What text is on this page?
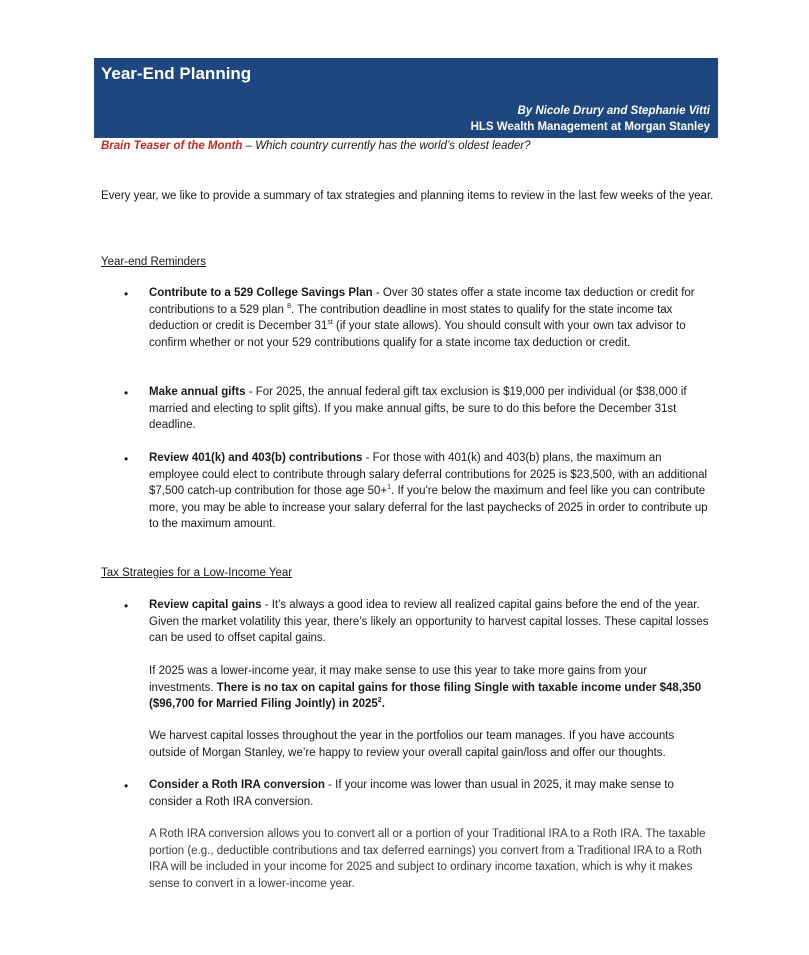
Year-End Planning
By Nicole Drury and Stephanie Vitti
HLS Wealth Management at Morgan Stanley
Brain Teaser of the Month – Which country currently has the world’s oldest leader?

Every year, we like to provide a summary of tax strategies and planning items to review in the last few weeks of the year.

Year-end Reminders
• Contribute to a 529 College Savings Plan - Over 30 states offer a state income tax deduction or credit for contributions to a 529 plan $^8$. The contribution deadline in most states to qualify for the state income tax deduction or credit is December 31st (if your state allows). You should consult with your own tax advisor to confirm whether or not your 529 contributions qualify for a state income tax deduction or credit.

• Make annual gifts - For 2025, the annual federal gift tax exclusion is $19,000 per individual (or $38,000 if married and electing to split gifts). If you make annual gifts, be sure to do this before the December 31st deadline.

• Review 401(k) and 403(b) contributions - For those with 401(k) and 403(b) plans, the maximum an employee could elect to contribute through salary deferral contributions for 2025 is $23,500, with an additional $7,500 catch-up contribution for those age 50+$^1$. If you're below the maximum and feel like you can contribute more, you may be able to increase your salary deferral for the last paychecks of 2025 in order to contribute up to the maximum amount.

Tax Strategies for a Low-Income Year
• Review capital gains - It's always a good idea to review all realized capital gains before the end of the year. Given the market volatility this year, there’s likely an opportunity to harvest capital losses. These capital losses can be used to offset capital gains.

If 2025 was a lower-income year, it may make sense to use this year to take more gains from your investments. There is no tax on capital gains for those filing Single with taxable income under $48,350 ($96,700 for Married Filing Jointly) in 2025$^2$.

We harvest capital losses throughout the year in the portfolios our team manages. If you have accounts outside of Morgan Stanley, we’re happy to review your overall capital gain/loss and offer our thoughts.

• Consider a Roth IRA conversion - If your income was lower than usual in 2025, it may make sense to consider a Roth IRA conversion.

A Roth IRA conversion allows you to convert all or a portion of your Traditional IRA to a Roth IRA. The taxable portion (e.g., deductible contributions and tax deferred earnings) you convert from a Traditional IRA to a Roth IRA will be included in your income for 2025 and subject to ordinary income taxation, which is why it makes sense to convert in a lower-income year.
